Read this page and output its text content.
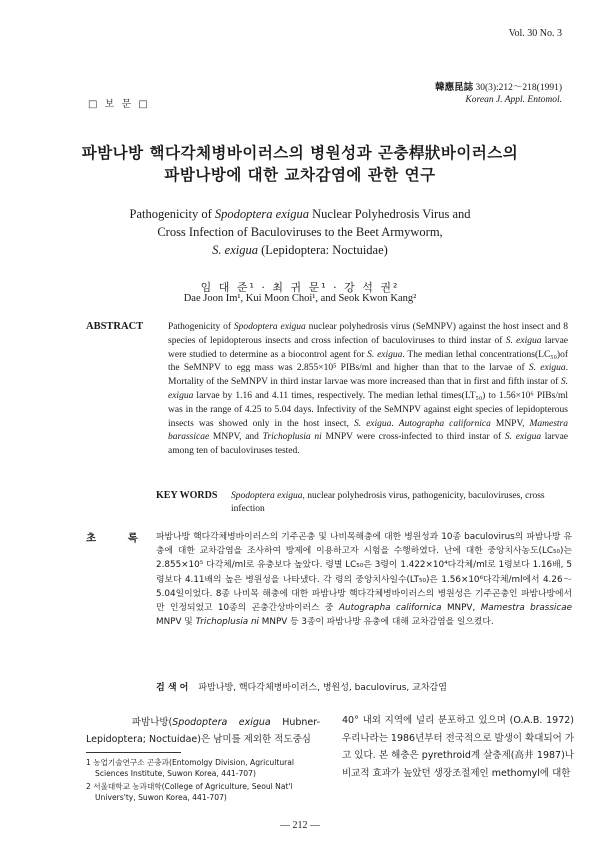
Vol. 30 No. 3
□ 보 문 □
韓應昆誌 30(3):212～218(1991)
Korean J. Appl. Entomol.
파밤나방 핵다각체병바이러스의 병원성과 곤충桿狀바이러스의
파밤나방에 대한 교차감염에 관한 연구
Pathogenicity of Spodoptera exigua Nuclear Polyhedrosis Virus and
Cross Infection of Baculoviruses to the Beet Armyworm,
S. exigua (Lepidoptera: Noctuidae)
임 대 준¹ · 최 귀 문¹ · 강 석 권²
Dae Joon Im¹, Kui Moon Choi¹, and Seok Kwon Kang²
ABSTRACT	Pathogenicity of Spodoptera exigua nuclear polyhedrosis virus (SeMNPV) against the host insect and 8 species of lepidopterous insects and cross infection of baculoviruses to third instar of S. exigua larvae were studied to determine as a biocontrol agent for S. exigua. The median lethal concentrations(LC₅₀)of the SeMNPV to egg mass was 2.855×10⁵ PIBs/ml and higher than that to the larvae of S. exigua. Mortality of the SeMNPV in third instar larvae was more increased than that in first and fifth instar of S. exigua larvae by 1.16 and 4.11 times, respectively. The median lethal times(LT₅₀) to 1.56×10⁶ PIBs/ml was in the range of 4.25 to 5.04 days. Infectivity of the SeMNPV against eight species of lepidopterous insects was showed only in the host insect, S. exigua. Autographa californica MNPV, Mamestra barassicae MNPV, and Trichoplusia ni MNPV were cross-infected to third instar of S. exigua larvae among ten of baculoviruses tested.
KEY WORDS Spodoptera exigua, nuclear polyhedrosis virus, pathogenicity, baculoviruses, cross infection
초 록 파밤나방 핵다각체병바이러스의 기주곤충 및 나비목해충에 대한 병원성과 10종 baculovirus의 파밤나방 유충에 대한 교차감염을 조사하여 방제에 이용하고자 시험을 수행하였다. 난에 대한 중앙치사농도(LC₅₀)는 2.855×10⁵ 다각체/ml로 유충보다 높았다. 령별 LC₅₀은 3령이 1.422×10⁴다각체/ml로 1령보다 1.16배, 5령보다 4.11배의 높은 병원성을 나타냈다. 각 령의 중앙치사일수(LT₅₀)은 1.56×10⁶다각체/ml에서 4.26～5.04일이었다. 8종 나비목 해충에 대한 파밤나방 핵다각체병바이러스의 병원성은 기주곤충인 파밤나방에서만 인정되었고 10종의 곤충간상바이러스 중 Autographa californica MNPV, Mamestra brassicae MNPV 및 Trichoplusia ni MNPV 등 3종이 파밤나방 유충에 대해 교차감염을 일으켰다.
검 색 어 파밤나방, 핵다각체병바이러스, 병원성, baculovirus, 교차감염
파밤나방(Spodoptera exigua Hubner-Lepidoptera; Noctuidae)은 남미를 제외한 적도중심
40° 내외 지역에 널리 분포하고 있으며 (O.A.B. 1972) 우리나라는 1986년부터 전국적으로 발생이 확대되어 가고 있다. 본 해충은 pyrethroid계 살충제(高井 1987)나 비교적 효과가 높았던 생장조절제인 methomyl에 대한
1 농업기술연구소 곤충과(Entomolgy Division, Agricultural Sciences Institute, Suwon Korea, 441-707)
2 서울대학교 농과대학(College of Agriculture, Seoul Nat'l Univers'ty, Suwon Korea, 441-707)
— 212 —
